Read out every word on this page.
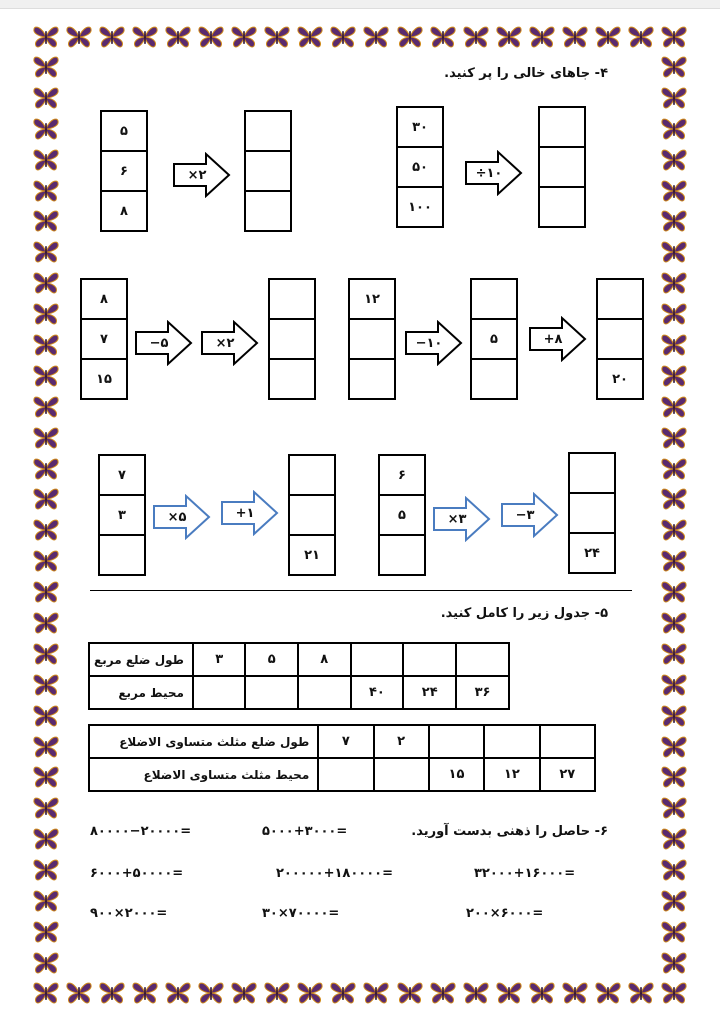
۴- جاهای خالی را پر کنید.
۵
۶
۸
×۲
۳۰
۵۰
۱۰۰
÷۱۰
۸
۷
۱۵
−۵	×۲
۱۲
−۱۰	۵	+۸
۲۰
۷
۳	×۵	+۱
۲۱
۶
۵	×۳	−۳
۲۴
۵- جدول زیر را کامل کنید.
طول ضلع مربع	۳	۵	۸			
محیط مربع				۴۰	۲۴	۳۶
طول ضلع مثلث متساوی الاضلاع	۷	۲			
محیط مثلث متساوی الاضلاع			۱۵	۱۲	۲۷
۶- حاصل را ذهنی بدست آورید.
۸۰۰۰۰−۲۰۰۰۰=	۵۰۰۰+۳۰۰۰=
۶۰۰۰+۵۰۰۰۰=	۲۰۰۰۰۰+۱۸۰۰۰۰=	۳۲۰۰۰+۱۶۰۰۰=
۹۰۰×۲۰۰۰=	۳۰×۷۰۰۰۰=	۲۰۰×۶۰۰۰=
